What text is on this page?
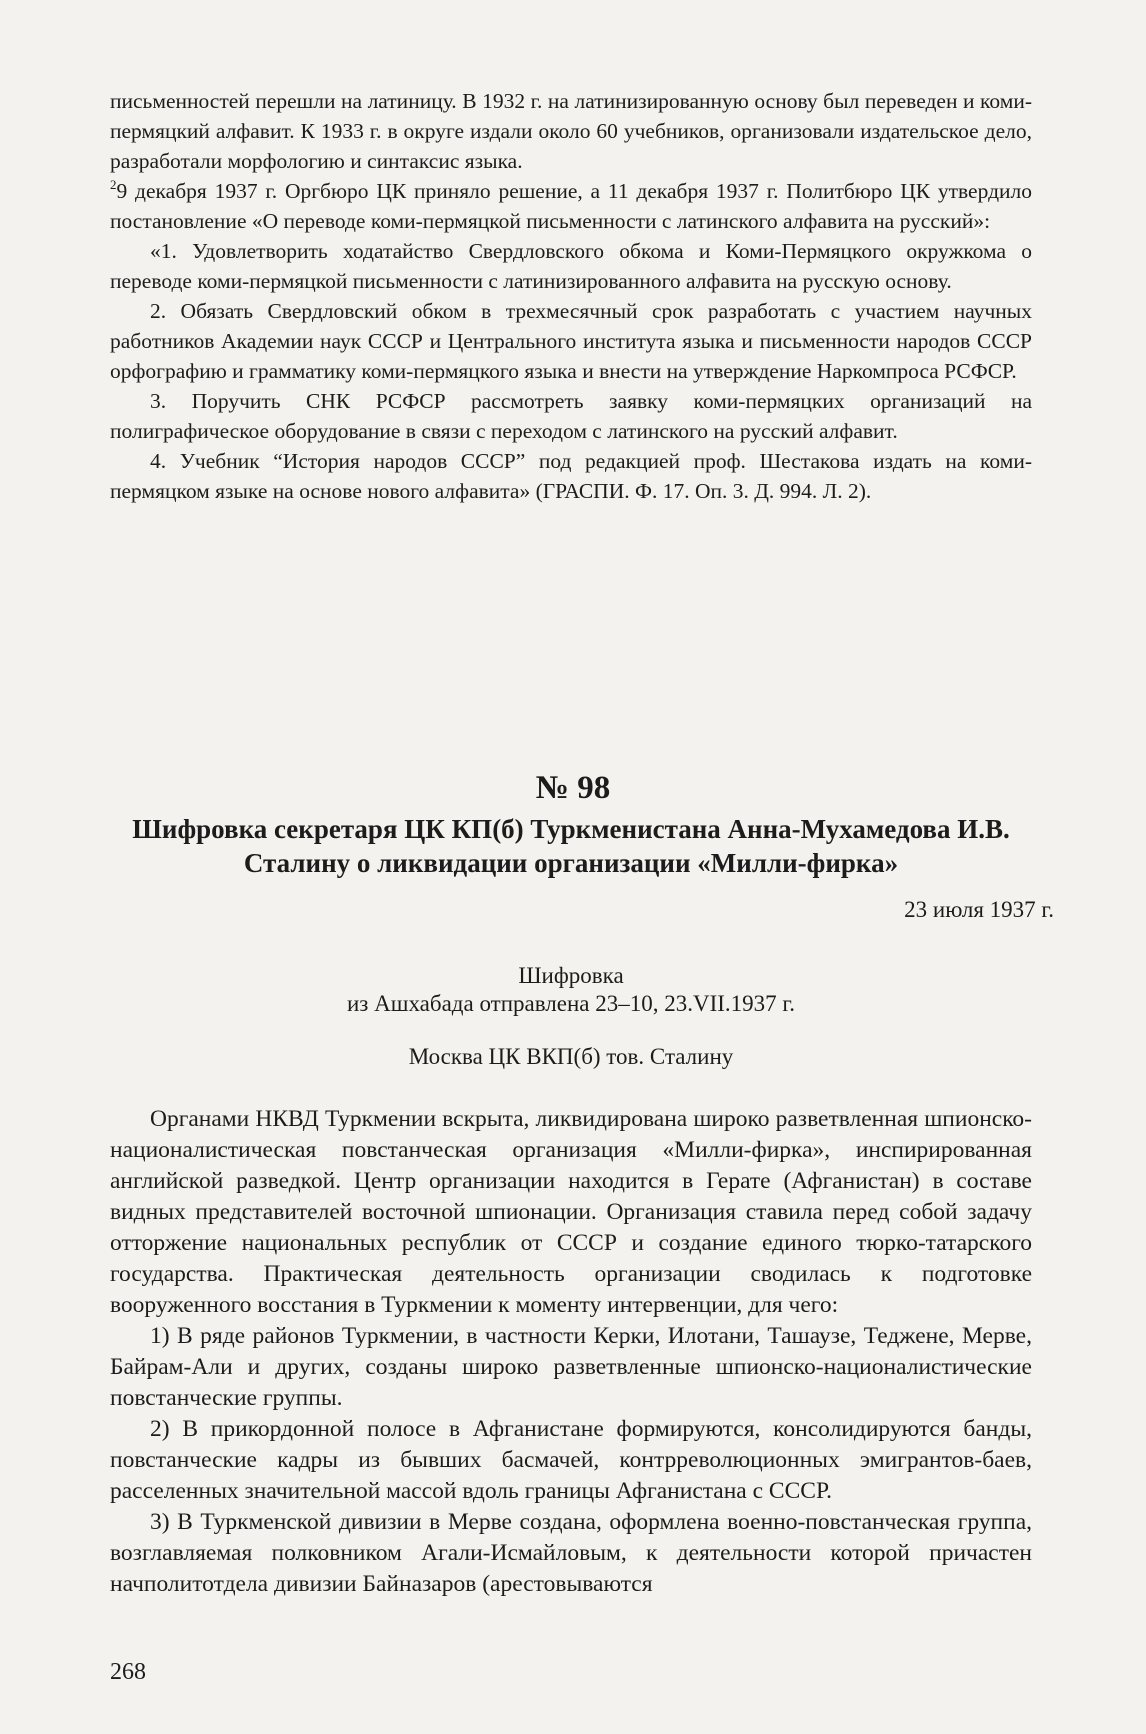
письменностей перешли на латиницу. В 1932 г. на латинизированную основу был переведен и коми-пермяцкий алфавит. К 1933 г. в округе издали около 60 учебников, организовали издательское дело, разработали морфологию и синтаксис языка.

$^2$9 декабря 1937 г. Оргбюро ЦК приняло решение, а 11 декабря 1937 г. Политбюро ЦК утвердило постановление «О переводе коми-пермяцкой письменности с латинского алфавита на русский»:

«1. Удовлетворить ходатайство Свердловского обкома и Коми-Пермяцкого окружкома о переводе коми-пермяцкой письменности с латинизированного алфавита на русскую основу.

2. Обязать Свердловский обком в трехмесячный срок разработать с участием научных работников Академии наук СССР и Центрального института языка и письменности народов СССР орфографию и грамматику коми-пермяцкого языка и внести на утверждение Наркомпроса РСФСР.

3. Поручить СНК РСФСР рассмотреть заявку коми-пермяцких организаций на полиграфическое оборудование в связи с переходом с латинского на русский алфавит.

4. Учебник “История народов СССР” под редакцией проф. Шестакова издать на коми-пермяцком языке на основе нового алфавита» (ГРАСПИ. Ф. 17. Оп. 3. Д. 994. Л. 2).

№ 98
Шифровка секретаря ЦК КП(б) Туркменистана Анна-Мухамедова И.В. Сталину о ликвидации организации «Милли-фирка»
23 июля 1937 г.
Шифровка
из Ашхабада отправлена 23–10, 23.VII.1937 г.
Москва ЦК ВКП(б) тов. Сталину

Органами НКВД Туркмении вскрыта, ликвидирована широко разветвленная шпионско-националистическая повстанческая организация «Милли-фирка», инспирированная английской разведкой. Центр организации находится в Герате (Афганистан) в составе видных представителей восточной шпионации. Организация ставила перед собой задачу отторжение национальных республик от СССР и создание единого тюрко-татарского государства. Практическая деятельность организации сводилась к подготовке вооруженного восстания в Туркмении к моменту интервенции, для чего:

1) В ряде районов Туркмении, в частности Керки, Илотани, Ташаузе, Теджене, Мерве, Байрам-Али и других, созданы широко разветвленные шпионско-националистические повстанческие группы.

2) В прикордонной полосе в Афганистане формируются, консолидируются банды, повстанческие кадры из бывших басмачей, контрреволюционных эмигрантов-баев, расселенных значительной массой вдоль границы Афганистана с СССР.

3) В Туркменской дивизии в Мерве создана, оформлена военно-повстанческая группа, возглавляемая полковником Агали-Исмайловым, к деятельности которой причастен начполитотдела дивизии Байназаров (арестовываются

268
